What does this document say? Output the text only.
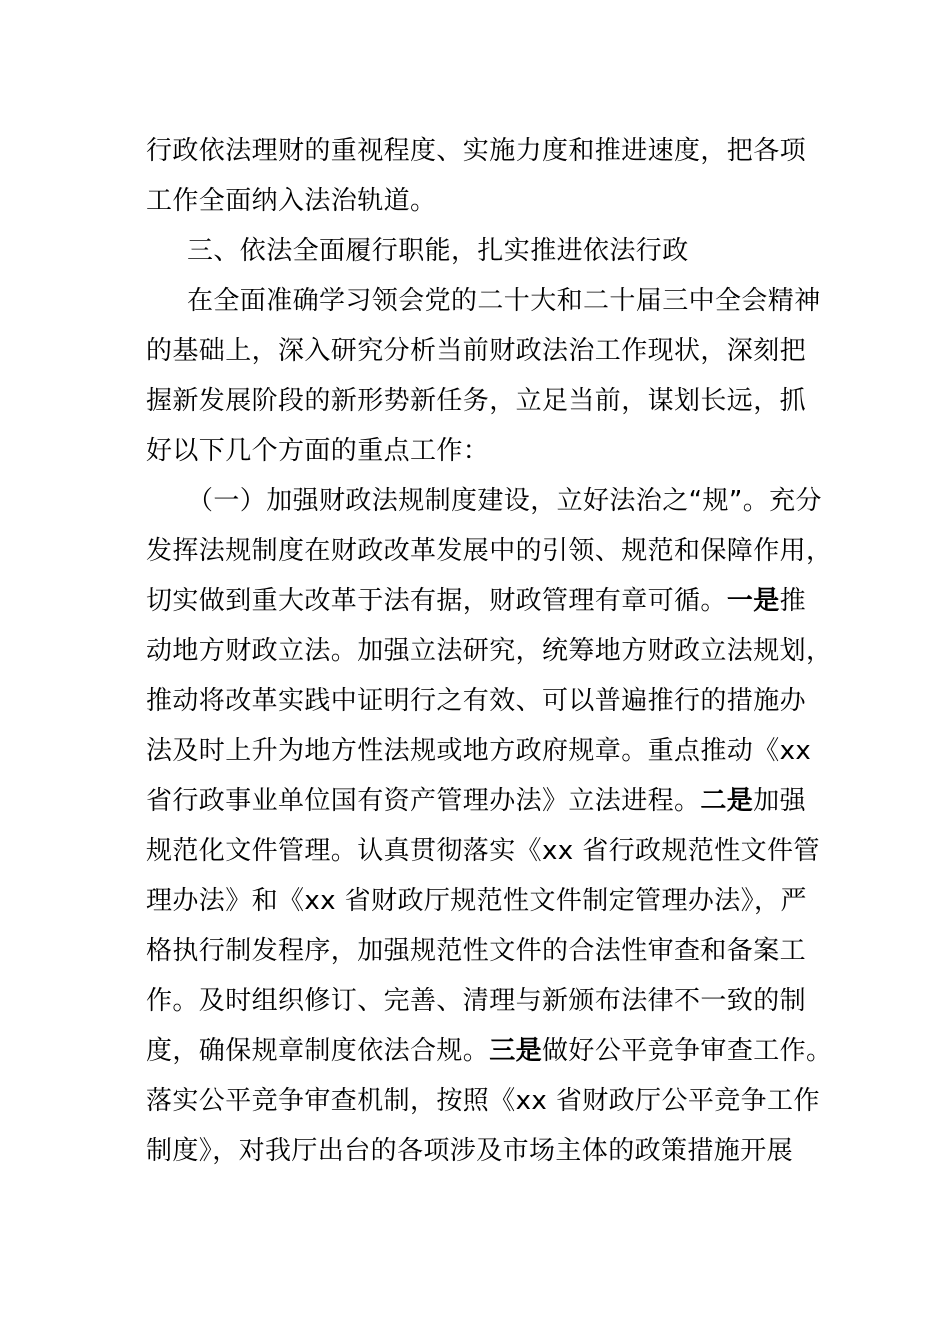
行政依法理财的重视程度、实施力度和推进速度，把各项
工作全面纳入法治轨道。
三、依法全面履行职能，扎实推进依法行政
在全面准确学习领会党的二十大和二十届三中全会精神
的基础上，深入研究分析当前财政法治工作现状，深刻把
握新发展阶段的新形势新任务，立足当前，谋划长远，抓
好以下几个方面的重点工作：
（一）加强财政法规制度建设，立好法治之“规”。充分
发挥法规制度在财政改革发展中的引领、规范和保障作用，
切实做到重大改革于法有据，财政管理有章可循。一是推
动地方财政立法。加强立法研究，统筹地方财政立法规划，
推动将改革实践中证明行之有效、可以普遍推行的措施办
法及时上升为地方性法规或地方政府规章。重点推动《xx
省行政事业单位国有资产管理办法》立法进程。二是加强
规范化文件管理。认真贯彻落实《xx 省行政规范性文件管
理办法》和《xx 省财政厅规范性文件制定管理办法》，严
格执行制发程序，加强规范性文件的合法性审查和备案工
作。及时组织修订、完善、清理与新颁布法律不一致的制
度，确保规章制度依法合规。三是做好公平竞争审查工作。
落实公平竞争审查机制，按照《xx 省财政厅公平竞争工作
制度》，对我厅出台的各项涉及市场主体的政策措施开展
